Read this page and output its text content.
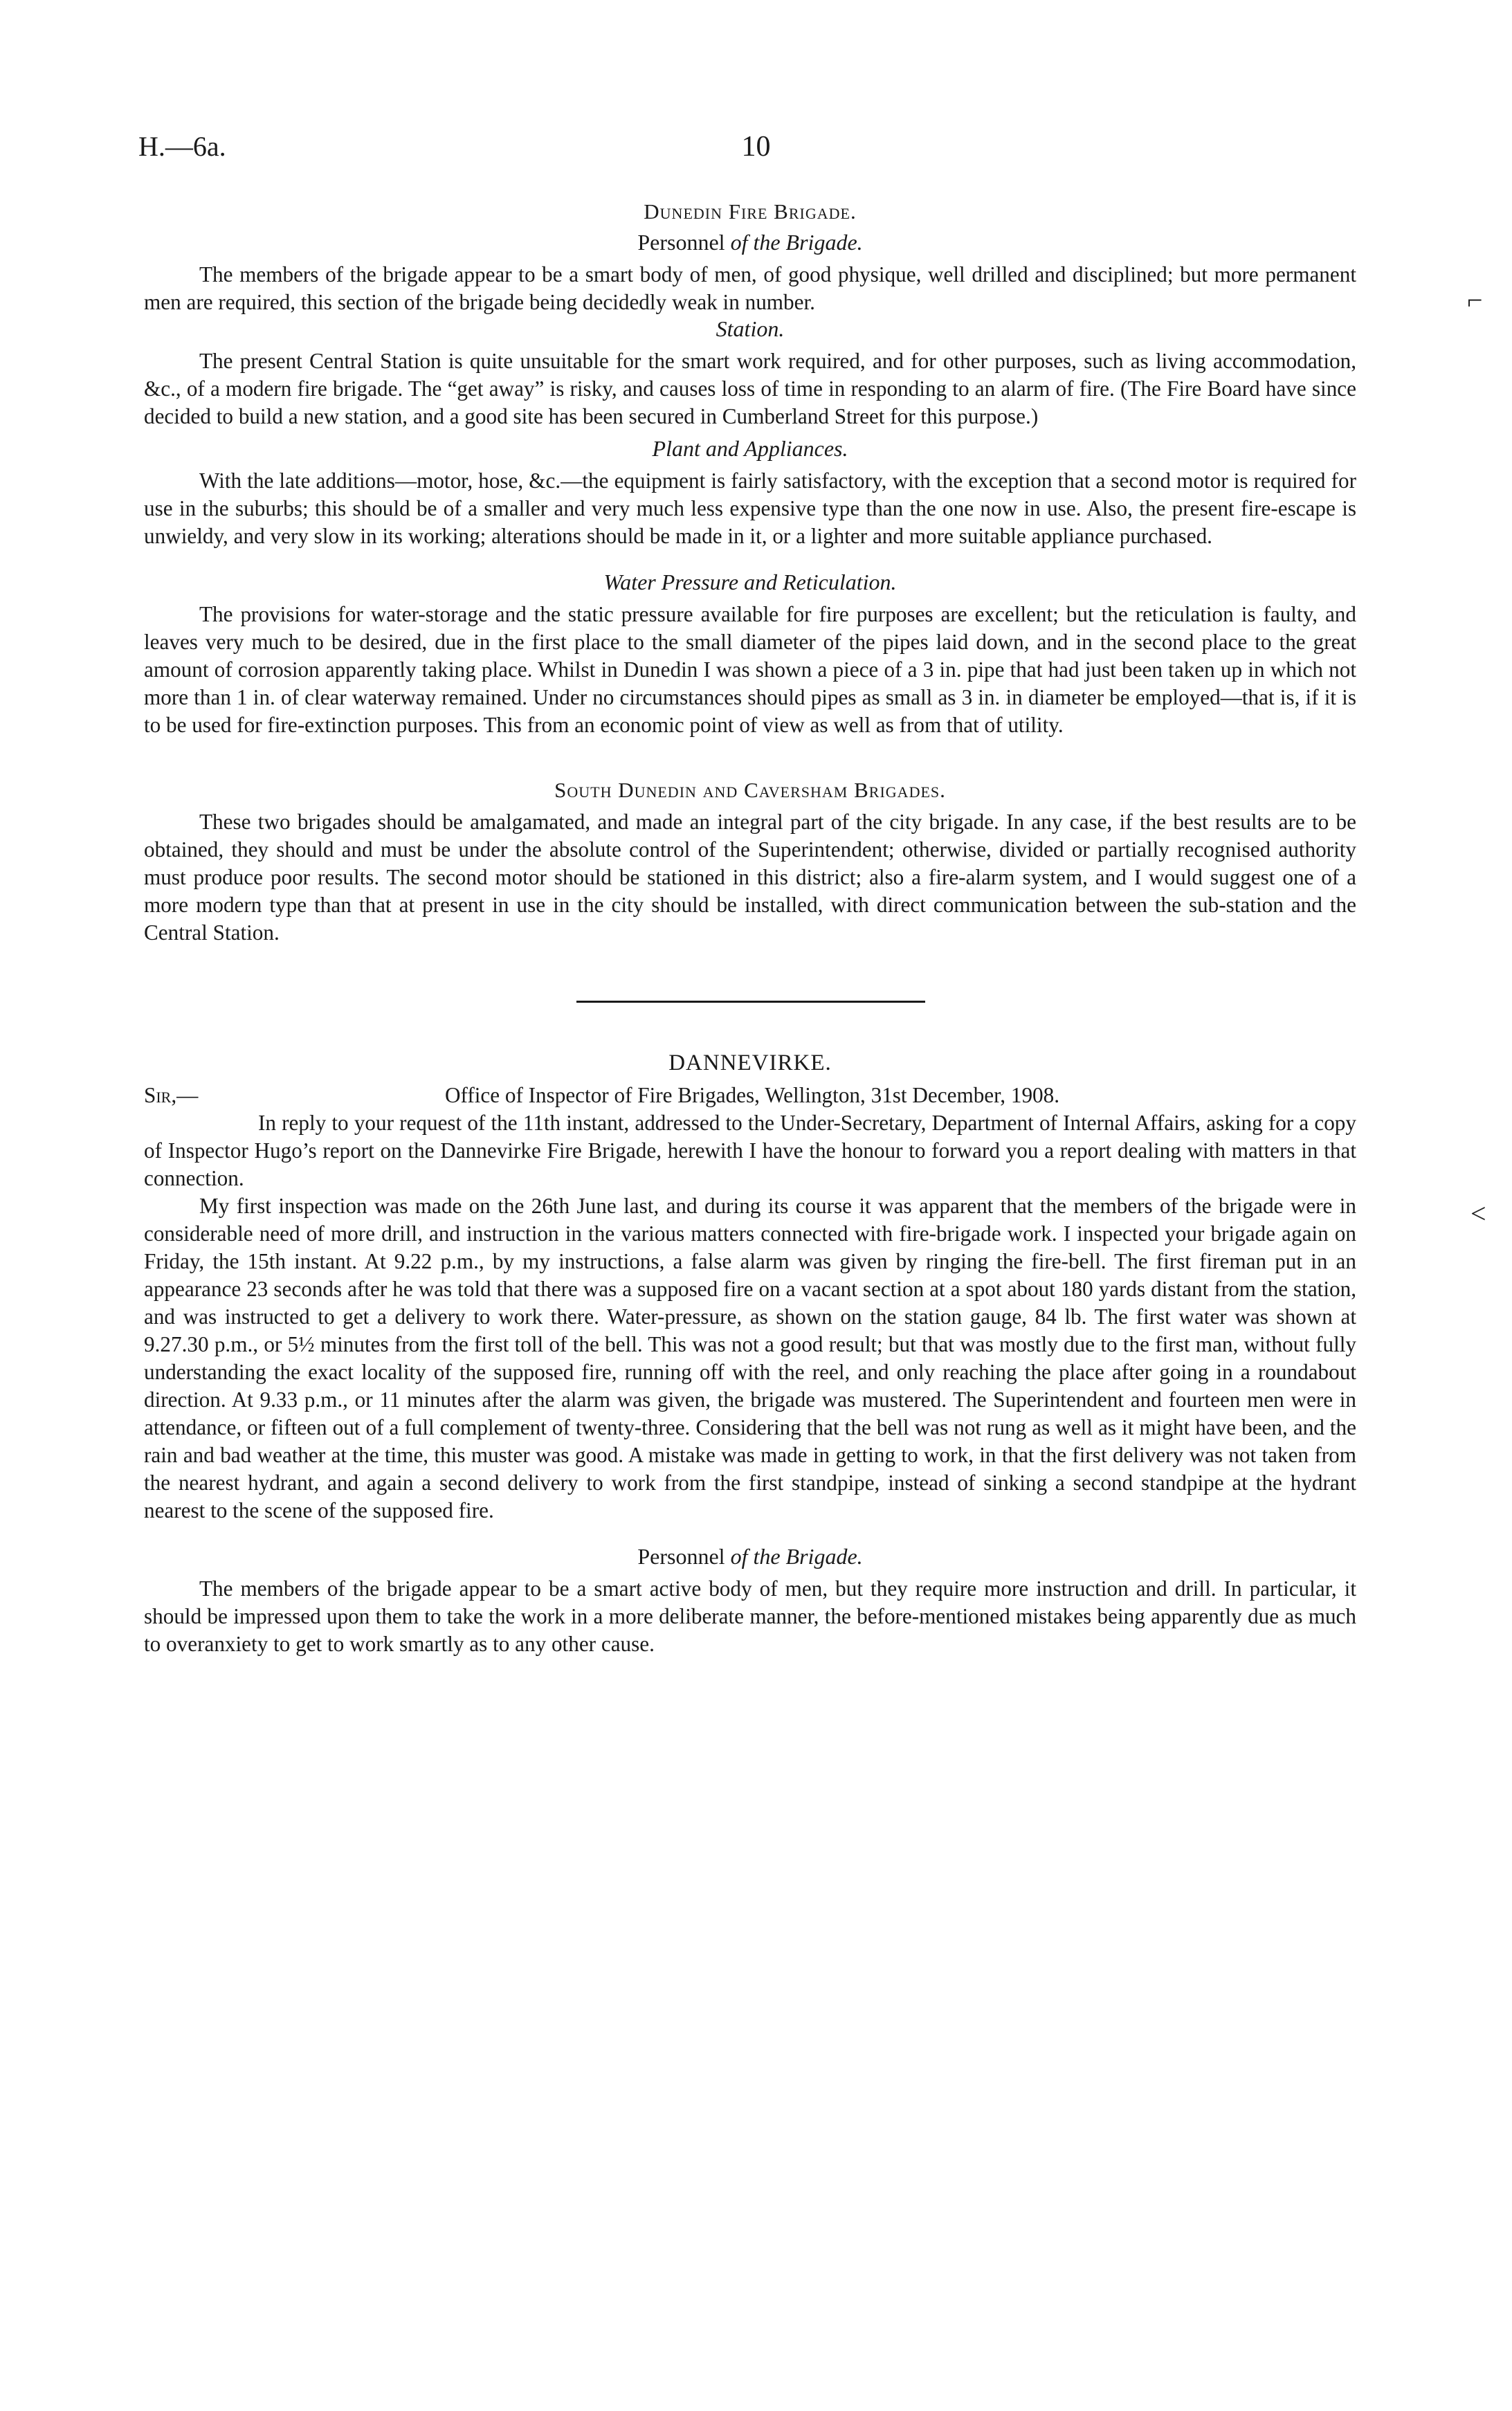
10
H.—6a.
⌐
<
Dunedin Fire Brigade.
Personnel of the Brigade.

The members of the brigade appear to be a smart body of men, of good physique, well drilled and disciplined; but more permanent men are required, this section of the brigade being decidedly weak in number.

Station.

The present Central Station is quite unsuitable for the smart work required, and for other purposes, such as living accommodation, &c., of a modern fire brigade. The “get away” is risky, and causes loss of time in responding to an alarm of fire. (The Fire Board have since decided to build a new station, and a good site has been secured in Cumberland Street for this purpose.)

Plant and Appliances.

With the late additions—motor, hose, &c.—the equipment is fairly satisfactory, with the exception that a second motor is required for use in the suburbs; this should be of a smaller and very much less expensive type than the one now in use. Also, the present fire-escape is unwieldy, and very slow in its working; alterations should be made in it, or a lighter and more suitable appliance purchased.

Water Pressure and Reticulation.

The provisions for water-storage and the static pressure available for fire purposes are excellent; but the reticulation is faulty, and leaves very much to be desired, due in the first place to the small diameter of the pipes laid down, and in the second place to the great amount of corrosion apparently taking place. Whilst in Dunedin I was shown a piece of a 3 in. pipe that had just been taken up in which not more than 1 in. of clear waterway remained. Under no circumstances should pipes as small as 3 in. in diameter be employed—that is, if it is to be used for fire-extinction purposes. This from an economic point of view as well as from that of utility.

South Dunedin and Caversham Brigades.

These two brigades should be amalgamated, and made an integral part of the city brigade. In any case, if the best results are to be obtained, they should and must be under the absolute control of the Superintendent; otherwise, divided or partially recognised authority must produce poor results. The second motor should be stationed in this district; also a fire-alarm system, and I would suggest one of a more modern type than that at present in use in the city should be installed, with direct communication between the sub-station and the Central Station.

DANNEVIRKE.
Sir,—	Office of Inspector of Fire Brigades, Wellington, 31st December, 1908.

In reply to your request of the 11th instant, addressed to the Under-Secretary, Department of Internal Affairs, asking for a copy of Inspector Hugo’s report on the Dannevirke Fire Brigade, herewith I have the honour to forward you a report dealing with matters in that connection.

My first inspection was made on the 26th June last, and during its course it was apparent that the members of the brigade were in considerable need of more drill, and instruction in the various matters connected with fire-brigade work. I inspected your brigade again on Friday, the 15th instant. At 9.22 p.m., by my instructions, a false alarm was given by ringing the fire-bell. The first fireman put in an appearance 23 seconds after he was told that there was a supposed fire on a vacant section at a spot about 180 yards distant from the station, and was instructed to get a delivery to work there. Water-pressure, as shown on the station gauge, 84 lb. The first water was shown at 9.27.30 p.m., or 5½ minutes from the first toll of the bell. This was not a good result; but that was mostly due to the first man, without fully understanding the exact locality of the supposed fire, running off with the reel, and only reaching the place after going in a roundabout direction. At 9.33 p.m., or 11 minutes after the alarm was given, the brigade was mustered. The Superintendent and fourteen men were in attendance, or fifteen out of a full complement of twenty-three. Considering that the bell was not rung as well as it might have been, and the rain and bad weather at the time, this muster was good. A mistake was made in getting to work, in that the first delivery was not taken from the nearest hydrant, and again a second delivery to work from the first standpipe, instead of sinking a second standpipe at the hydrant nearest to the scene of the supposed fire.

Personnel of the Brigade.

The members of the brigade appear to be a smart active body of men, but they require more instruction and drill. In particular, it should be impressed upon them to take the work in a more deliberate manner, the before-mentioned mistakes being apparently due as much to overanxiety to get to work smartly as to any other cause.
